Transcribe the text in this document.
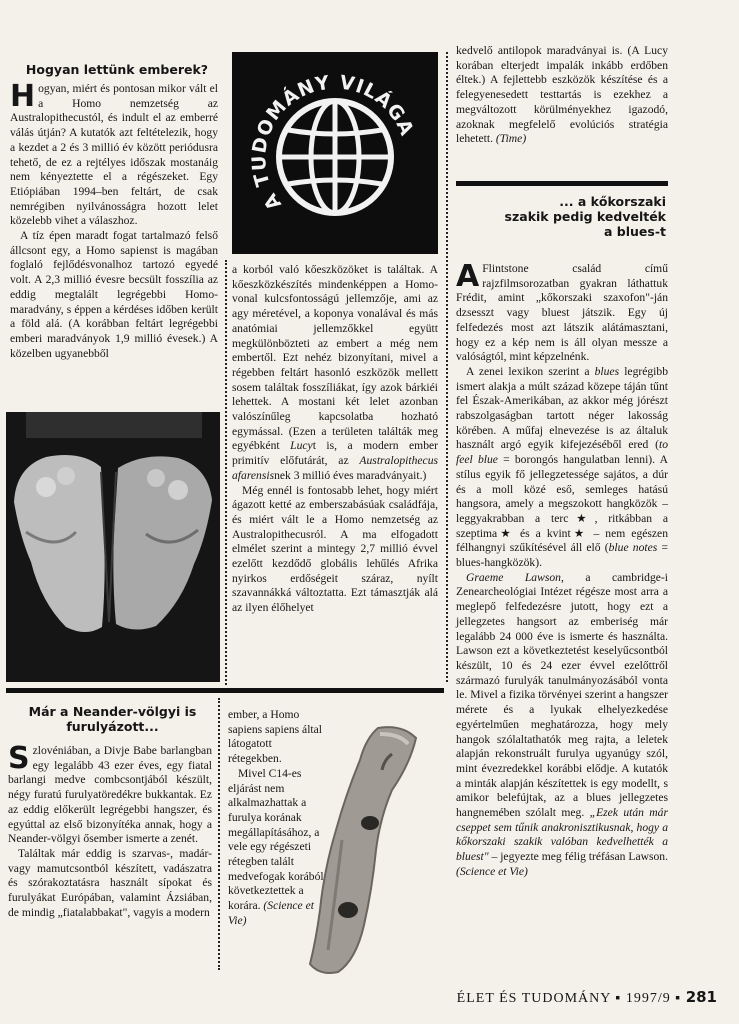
Hogyan lettünk emberek?

Hogyan, miért és pontosan mikor vált el a Homo nemzetség az Australopithecustól, és indult el az emberré válás útján? A kutatók azt feltételezik, hogy a kezdet a 2 és 3 millió év között periódusra tehető, de ez a rejtélyes időszak mostanáig nem kényeztette el a régészeket. Egy Etiópiában 1994–ben feltárt, de csak nemrégiben nyilvánosságra hozott lelet közelebb vihet a válaszhoz.

A tíz épen maradt fogat tartalmazó felső állcsont egy, a Homo sapienst is magában foglaló fejlődésvonalhoz tartozó egyedé volt. A 2,3 millió évesre becsült fosszília az eddig megtalált legrégebbi Homo-maradvány, s éppen a kérdéses időben került a föld alá. (A korábban feltárt legrégebbi emberi maradványok 1,9 millió évesek.) A közelben ugyanebből

A TUDOMÁNY VILÁGA

a korból való kőeszközöket is találtak. A kőeszközkészítés mindenképpen a Homo-vonal kulcsfontosságú jellemzője, ami az agy méretével, a koponya vonalával és más anatómiai jellemzőkkel együtt megkülönbözteti az embert a még nem embertől. Ezt nehéz bizonyítani, mivel a régebben feltárt hasonló eszközök mellett sosem találtak fosszíliákat, így azok bárkiéi lehettek. A mostani két lelet azonban valószínűleg kapcsolatba hozható egymással. (Ezen a területen találták meg egyébként Lucyt is, a modern ember primitív előfutárát, az Australopithecus afarensisnek 3 millió éves maradványait.)

Még ennél is fontosabb lehet, hogy miért ágazott ketté az emberszabásúak családfája, és miért vált le a Homo nemzetség az Australopithecusról. A ma elfogadott elmélet szerint a mintegy 2,7 millió évvel ezelőtt kezdődő globális lehűlés Afrika nyirkos erdőségeit száraz, nyílt szavannákká változtatta. Ezt támasztják alá az ilyen élőhelyet

kedvelő antilopok maradványai is. (A Lucy korában elterjedt impalák inkább erdőben éltek.) A fejlettebb eszközök készítése és a felegyenesedett testtartás is ezekhez a megváltozott körülményekhez igazodó, azoknak megfelelő evolúciós stratégia lehetett. (Time)

... a kőkorszaki
szakik pedig kedvelték
a blues-t

A Flintstone család című rajzfilmsorozatban gyakran láthattuk Frédit, amint „kőkorszaki szaxofon"-ján dzsesszt vagy bluest játszik. Egy új felfedezés most azt látszik alátámasztani, hogy ez a kép nem is áll olyan messze a valóságtól, mint képzelnénk.

A zenei lexikon szerint a blues legrégibb ismert alakja a múlt század közepe táján tűnt fel Észak-Amerikában, az akkor még jórészt rabszolgaságban tartott néger lakosság körében. A műfaj elnevezése is az általuk használt argó egyik kifejezéséből ered (to feel blue = borongós hangulatban lenni). A stílus egyik fő jellegzetessége sajátos, a dúr és a moll közé eső, semleges hatású hangsora, amely a megszokott hangközök – leggyakrabban a terc★, ritkábban a szeptima★ és a kvint★ – nem egészen félhangnyi szűkítésével áll elő (blue notes = blues-hangközök).

Graeme Lawson, a cambridge-i Zenearcheológiai Intézet régésze most arra a meglepő felfedezésre jutott, hogy ezt a jellegzetes hangsort az emberiség már legalább 24 000 éve is ismerte és használta. Lawson ezt a következtetést keselyűcsontból készült, 10 és 24 ezer évvel ezelőttről származó furulyák tanulmányozásából vonta le. Mivel a fizika törvényei szerint a hangszer mérete és a lyukak elhelyezkedése egyértelműen meghatározza, hogy mely hangok szólaltathatók meg rajta, a leletek alapján rekonstruált furulya ugyanúgy szól, mint évezredekkel korábbi elődje. A kutatók a minták alapján készítettek is egy modellt, s amikor belefújtak, az a blues jellegzetes hangnemében szólalt meg. „Ezek után már cseppet sem tűnik anakronisztikusnak, hogy a kőkorszaki szakik valóban kedvelhették a bluest" – jegyezte meg félig tréfásan Lawson. (Science et Vie)

Már a Neander-völgyi is
furulyázott...

Szlovéniában, a Divje Babe barlangban egy legalább 43 ezer éves, egy fiatal barlangi medve combcsontjából készült, négy furatú furulyatöredékre bukkantak. Ez az eddig előkerült legrégebbi hangszer, és egyúttal az első bizonyítéka annak, hogy a Neander-völgyi ősember ismerte a zenét.

Találtak már eddig is szarvas-, madár- vagy mamutcsontból készített, vadászatra és szórakoztatásra használt sípokat és furulyákat Európában, valamint Ázsiában, de mindig „fiatalabbakat", vagyis a modern

ember, a Homo sapiens sapiens által látogatott rétegekben.

Mivel C14-es eljárást nem alkalmazhattak a furulya korának megállapításához, a vele egy régészeti rétegben talált medvefogak korából következtettek a korára. (Science et Vie)

ÉLET ÉS TUDOMÁNY ▪ 1997/9 ▪ 281
